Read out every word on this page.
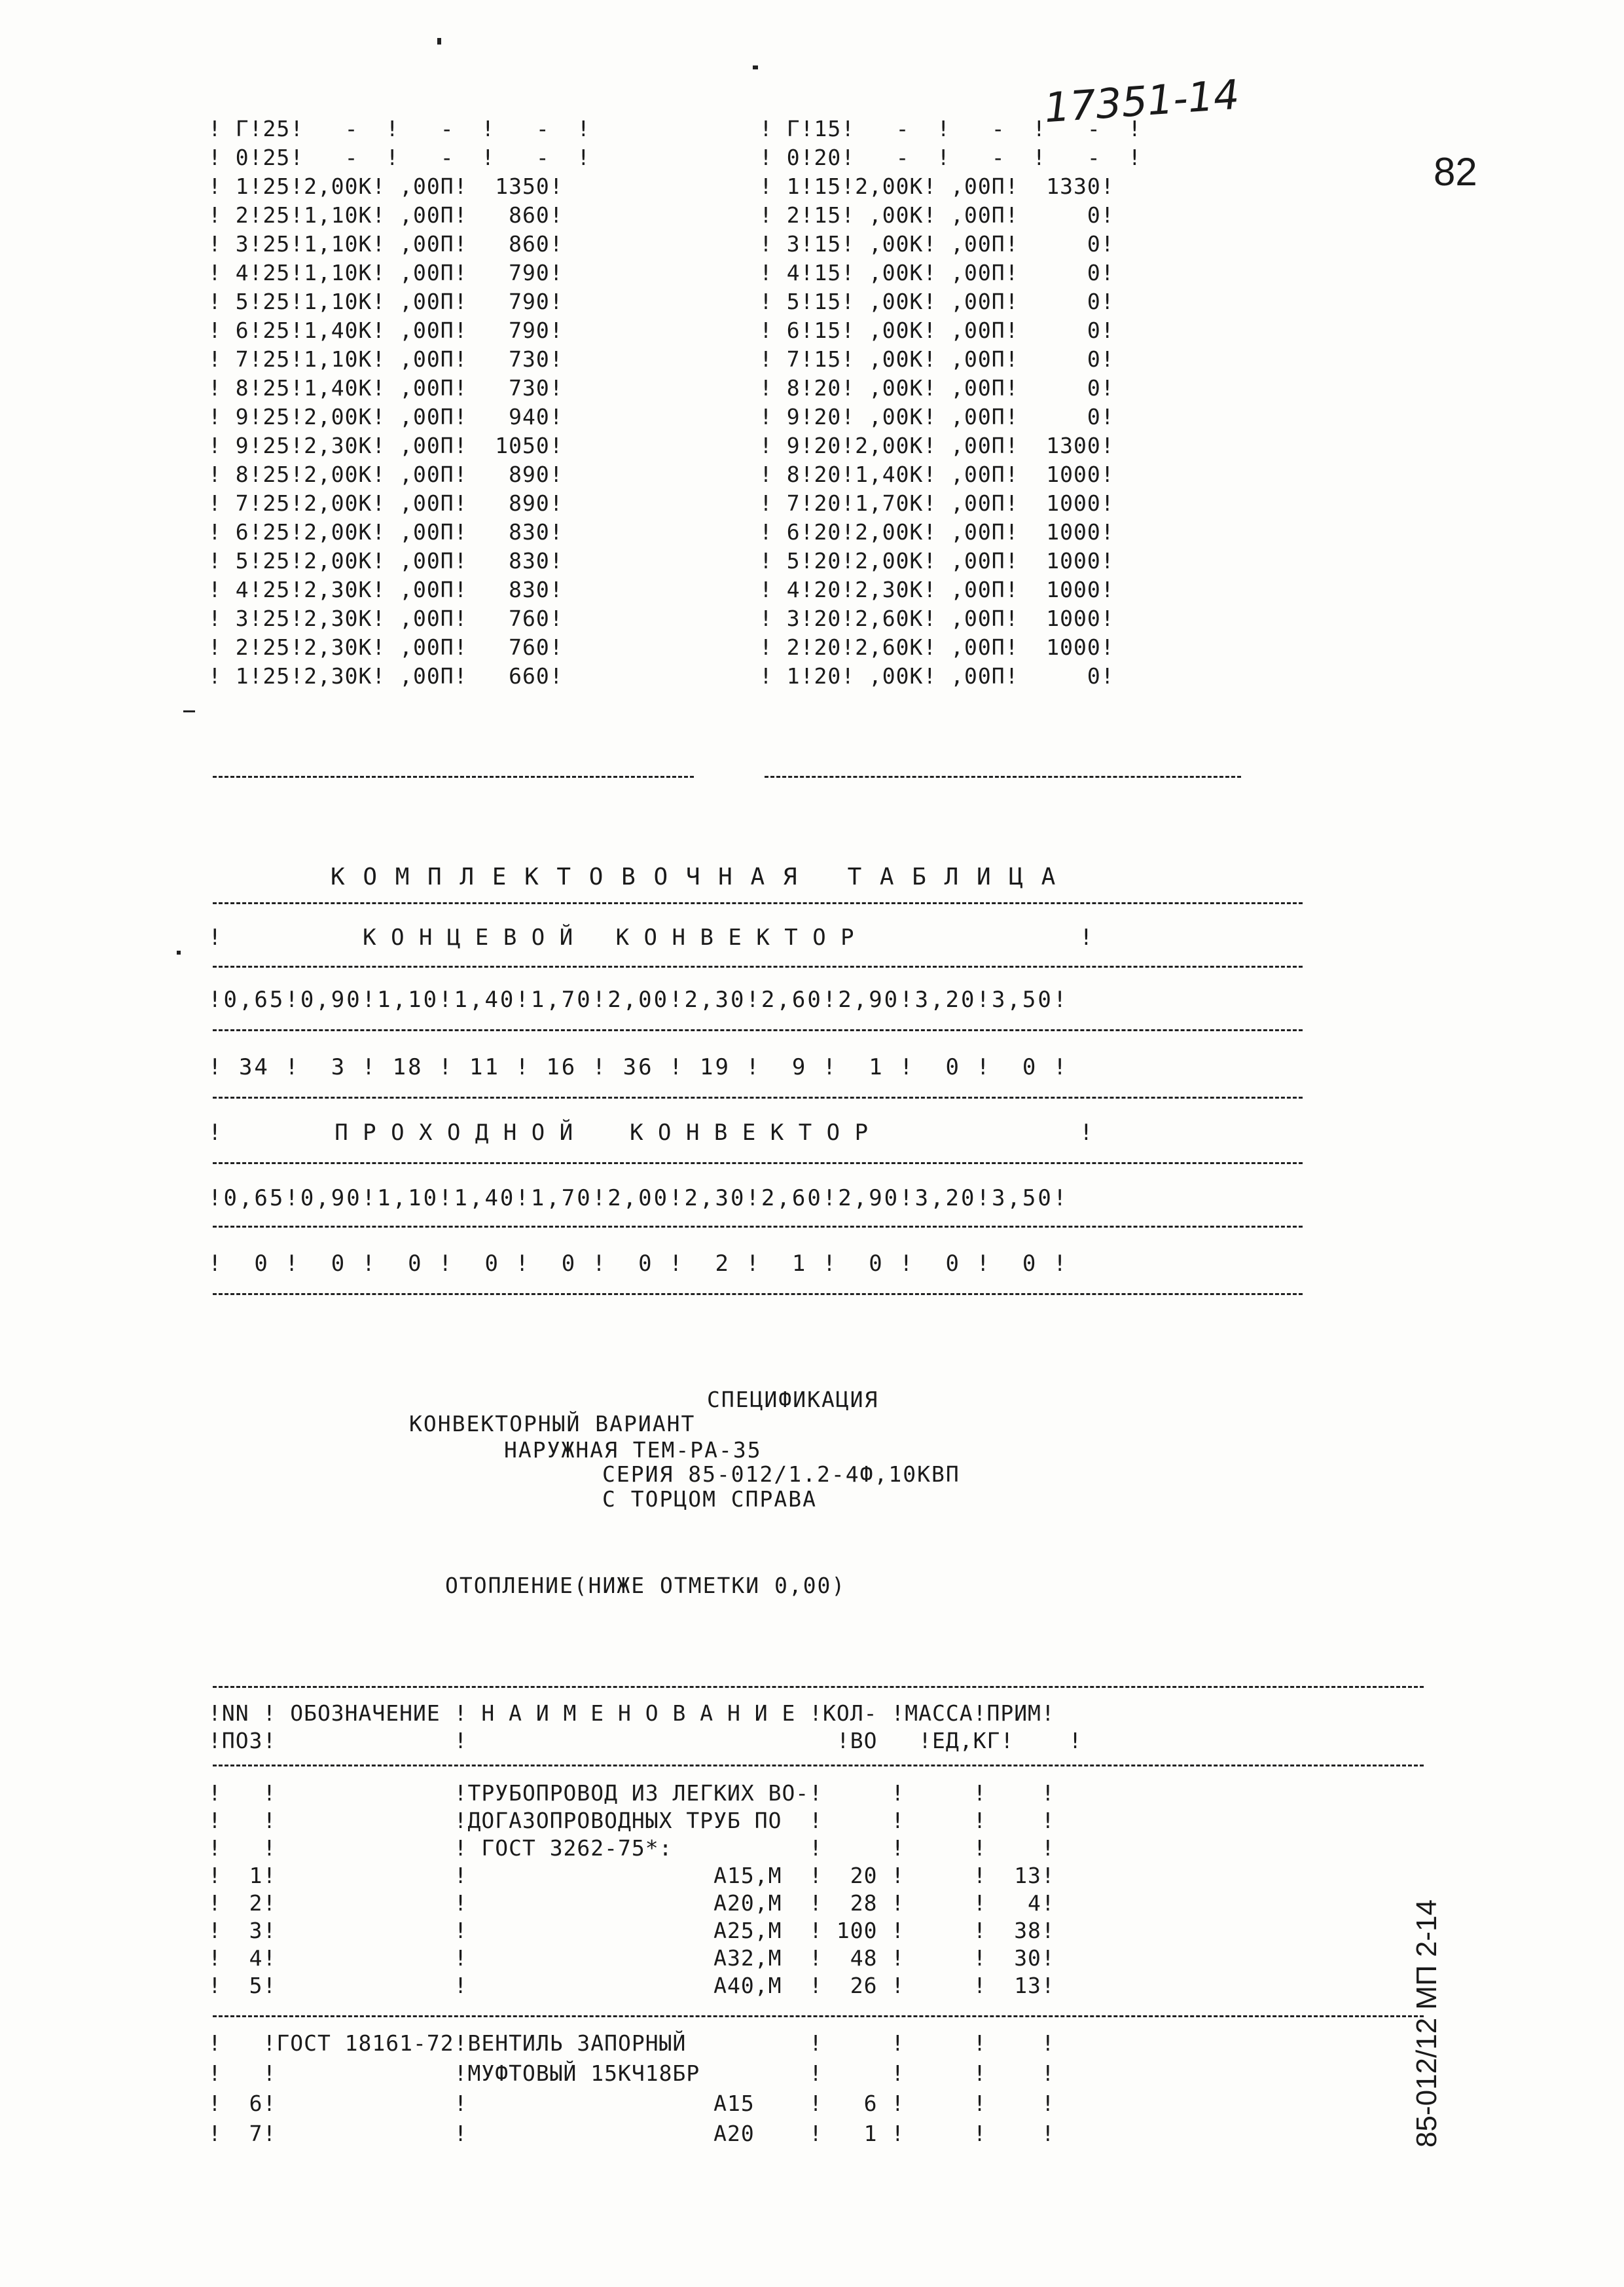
17351-14
82
! Г!25!   -  !   -  !   -  !
! 0!25!   -  !   -  !   -  !
! 1!25!2,00К! ,00П!  1350!
! 2!25!1,10К! ,00П!   860!
! 3!25!1,10К! ,00П!   860!
! 4!25!1,10К! ,00П!   790!
! 5!25!1,10К! ,00П!   790!
! 6!25!1,40К! ,00П!   790!
! 7!25!1,10К! ,00П!   730!
! 8!25!1,40К! ,00П!   730!
! 9!25!2,00К! ,00П!   940!
! 9!25!2,30К! ,00П!  1050!
! 8!25!2,00К! ,00П!   890!
! 7!25!2,00К! ,00П!   890!
! 6!25!2,00К! ,00П!   830!
! 5!25!2,00К! ,00П!   830!
! 4!25!2,30К! ,00П!   830!
! 3!25!2,30К! ,00П!   760!
! 2!25!2,30К! ,00П!   760!
! 1!25!2,30К! ,00П!   660!
! Г!15!   -  !   -  !   -  !
! 0!20!   -  !   -  !   -  !
! 1!15!2,00К! ,00П!  1330!
! 2!15! ,00К! ,00П!     0!
! 3!15! ,00К! ,00П!     0!
! 4!15! ,00К! ,00П!     0!
! 5!15! ,00К! ,00П!     0!
! 6!15! ,00К! ,00П!     0!
! 7!15! ,00К! ,00П!     0!
! 8!20! ,00К! ,00П!     0!
! 9!20! ,00К! ,00П!     0!
! 9!20!2,00К! ,00П!  1300!
! 8!20!1,40К! ,00П!  1000!
! 7!20!1,70К! ,00П!  1000!
! 6!20!2,00К! ,00П!  1000!
! 5!20!2,00К! ,00П!  1000!
! 4!20!2,30К! ,00П!  1000!
! 3!20!2,60К! ,00П!  1000!
! 2!20!2,60К! ,00П!  1000!
! 1!20! ,00К! ,00П!     0!
К О М П Л Е К Т О В О Ч Н А Я   Т А Б Л И Ц А
!          К О Н Ц Е В О Й   К О Н В Е К Т О Р                !
!0,65!0,90!1,10!1,40!1,70!2,00!2,30!2,60!2,90!3,20!3,50!
! 34 !  3 ! 18 ! 11 ! 16 ! 36 ! 19 !  9 !  1 !  0 !  0 !
!        П Р О Х О Д Н О Й    К О Н В Е К Т О Р               !
!0,65!0,90!1,10!1,40!1,70!2,00!2,30!2,60!2,90!3,20!3,50!
!  0 !  0 !  0 !  0 !  0 !  0 !  2 !  1 !  0 !  0 !  0 !
СПЕЦИФИКАЦИЯ
КОНВЕКТОРНЫЙ ВАРИАНТ
НАРУЖНАЯ ТЕМ-РА-35
СЕРИЯ 85-012/1.2-4Ф,10КВП
С ТОРЦОМ СПРАВА
ОТОПЛЕНИЕ(НИЖЕ ОТМЕТКИ 0,00)
!NN ! ОБОЗНАЧЕНИЕ ! Н А И М Е Н О В А Н И Е !КОЛ- !МАССА!ПРИМ!
!ПОЗ!             !                           !ВО   !ЕД,КГ!    !
!   !             !ТРУБОПРОВОД ИЗ ЛЕГКИХ ВО-!     !     !    !
!   !             !ДОГАЗОПРОВОДНЫХ ТРУБ ПО  !     !     !    !
!   !             ! ГОСТ 3262-75*:          !     !     !    !
!  1!             !                  А15,М  !  20 !     !  13!
!  2!             !                  А20,М  !  28 !     !   4!
!  3!             !                  А25,М  ! 100 !     !  38!
!  4!             !                  А32,М  !  48 !     !  30!
!  5!             !                  А40,М  !  26 !     !  13!
!   !ГОСТ 18161-72!ВЕНТИЛЬ ЗАПОРНЫЙ         !     !     !    !
!   !             !МУФТОВЫЙ 15КЧ18БР        !     !     !    !
!  6!             !                  А15    !   6 !     !    !
!  7!             !                  А20    !   1 !     !    !	85-012/12 МП 2-14
